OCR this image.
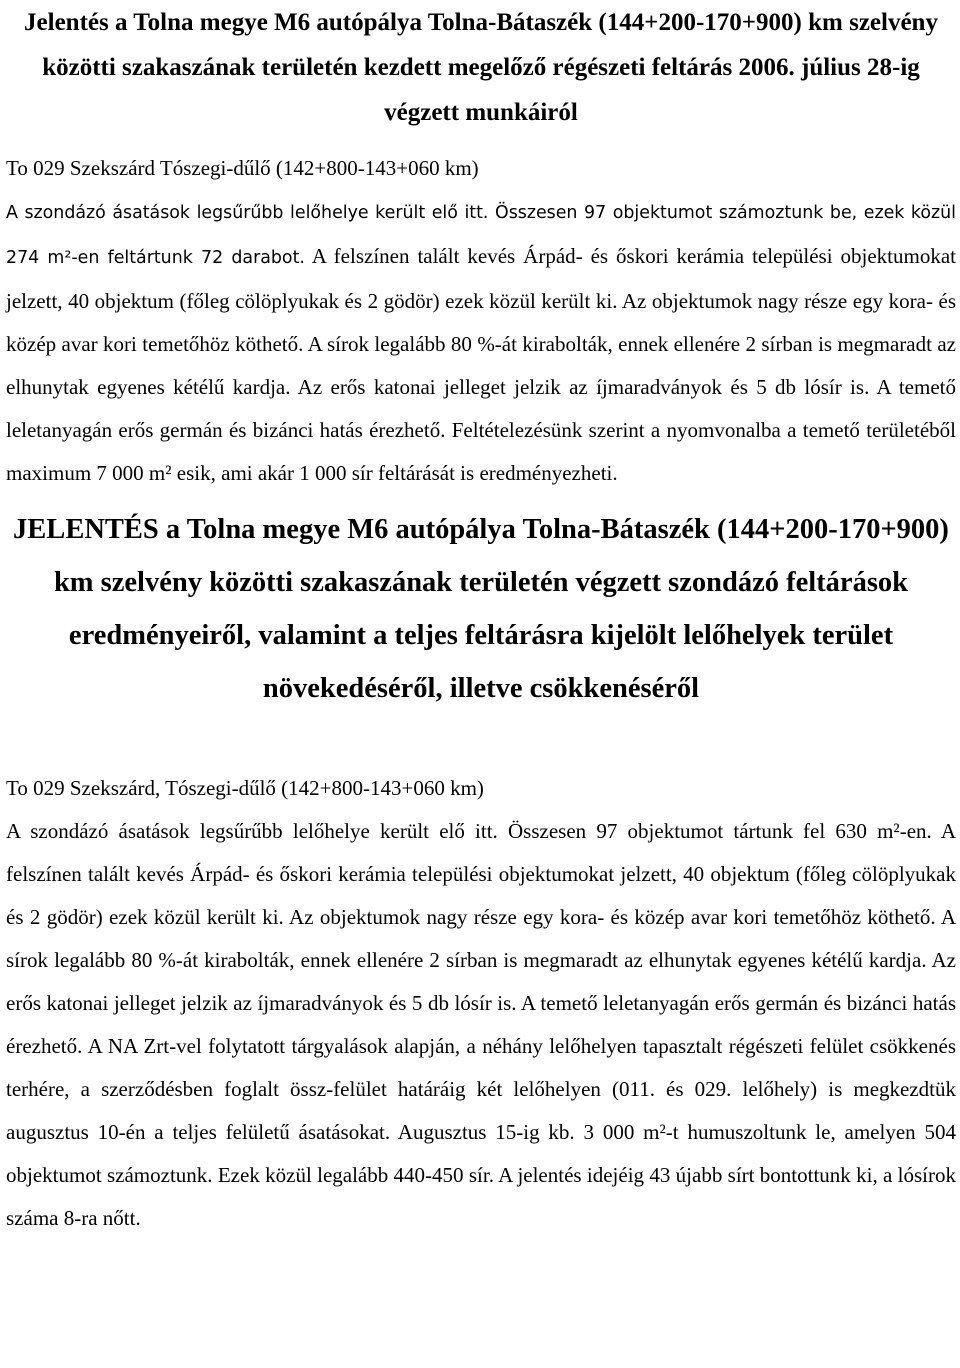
Jelentés a Tolna megye M6 autópálya Tolna-Bátaszék (144+200-170+900) km szelvény közötti szakaszának területén kezdett megelőző régészeti feltárás 2006. július 28-ig végzett munkáiról

To 029 Szekszárd Tószegi-dűlő (142+800-143+060 km)

A szondázó ásatások legsűrűbb lelőhelye került elő itt. Összesen 97 objektumot számoztunk be, ezek közül 274 m²-en feltártunk 72 darabot. A felszínen talált kevés Árpád- és őskori kerámia települési objektumokat jelzett, 40 objektum (főleg cölöplyukak és 2 gödör) ezek közül került ki. Az objektumok nagy része egy kora- és közép avar kori temetőhöz köthető. A sírok legalább 80 %-át kirabolták, ennek ellenére 2 sírban is megmaradt az elhunytak egyenes kétélű kardja. Az erős katonai jelleget jelzik az íjmaradványok és 5 db lósír is. A temető leletanyagán erős germán és bizánci hatás érezhető. Feltételezésünk szerint a nyomvonalba a temető területéből maximum 7 000 m² esik, ami akár 1 000 sír feltárását is eredményezheti.

JELENTÉS a Tolna megye M6 autópálya Tolna-Bátaszék (144+200-170+900) km szelvény közötti szakaszának területén végzett szondázó feltárások eredményeiről, valamint a teljes feltárásra kijelölt lelőhelyek terület növekedéséről, illetve csökkenéséről

To 029 Szekszárd, Tószegi-dűlő (142+800-143+060 km)

A szondázó ásatások legsűrűbb lelőhelye került elő itt. Összesen 97 objektumot tártunk fel 630 m²-en. A felszínen talált kevés Árpád- és őskori kerámia települési objektumokat jelzett, 40 objektum (főleg cölöplyukak és 2 gödör) ezek közül került ki. Az objektumok nagy része egy kora- és közép avar kori temetőhöz köthető. A sírok legalább 80 %-át kirabolták, ennek ellenére 2 sírban is megmaradt az elhunytak egyenes kétélű kardja. Az erős katonai jelleget jelzik az íjmaradványok és 5 db lósír is. A temető leletanyagán erős germán és bizánci hatás érezhető. A NA Zrt-vel folytatott tárgyalások alapján, a néhány lelőhelyen tapasztalt régészeti felület csökkenés terhére, a szerződésben foglalt össz-felület határáig két lelőhelyen (011. és 029. lelőhely) is megkezdtük augusztus 10-én a teljes felületű ásatásokat. Augusztus 15-ig kb. 3 000 m²-t humuszoltunk le, amelyen 504 objektumot számoztunk. Ezek közül legalább 440-450 sír. A jelentés idejéig 43 újabb sírt bontottunk ki, a lósírok száma 8-ra nőtt.
